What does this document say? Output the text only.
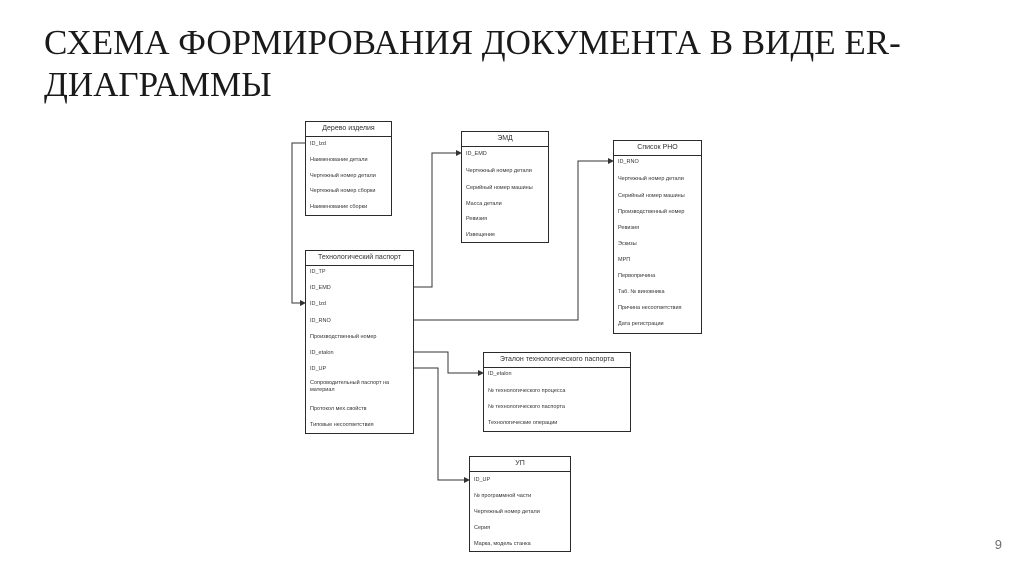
СХЕМА ФОРМИРОВАНИЯ ДОКУМЕНТА В ВИДЕ ER-ДИАГРАММЫ
Дерево изделия
ID_Izd
Наименование детали
Чертежный номер детали
Чертежный номер сборки
Наименование сборки
ЭМД
ID_EMD
Чертежный номер детали
Серийный номер машины
Масса детали
Ревизия
Извещение
Список РНО
ID_RNO
Чертежный номер детали
Серийный номер машины
Производственный номер
Ревизия
Эскизы
МРП
Первопричина
Таб. № виновника
Причина несоответствия
Дата регистрации
Технологический паспорт
ID_TP
ID_EMD
ID_Izd
ID_RNO
Производственный номер
ID_etalon
ID_UP
Сопроводительный паспорт на материал
Протокол мех.свойств
Типовые несоответствия
Эталон технологического паспорта
ID_etalon
№ технологического процесса
№ технологического паспорта
Технологические операции
УП
ID_UP
№ программной части
Чертежный номер детали
Серия
Марка, модель станка	9
